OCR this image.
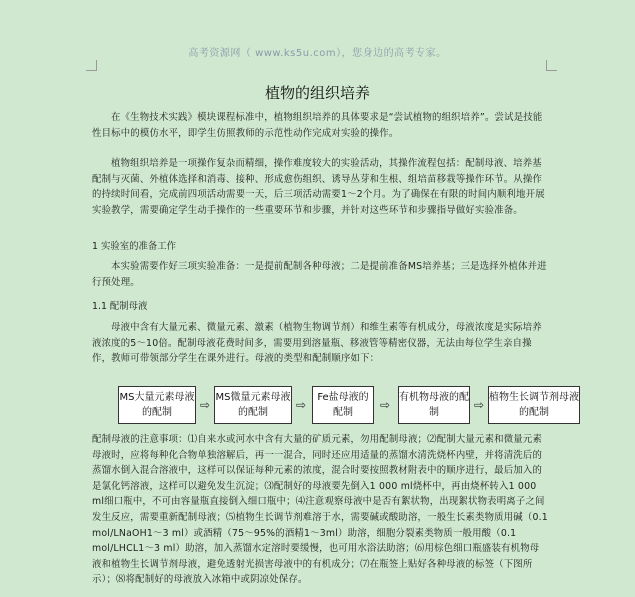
高考资源网（ www.ks5u.com），您身边的高考专家。
植物的组织培养

在《生物技术实践》模块课程标准中，植物组织培养的具体要求是“尝试植物的组织培养”。尝试是技能性目标中的模仿水平，即学生仿照教师的示范性动作完成对实验的操作。

植物组织培养是一项操作复杂而精细，操作难度较大的实验活动，其操作流程包括：配制母液、培养基配制与灭菌、外植体选择和消毒、接种、形成愈伤组织、诱导丛芽和生根、组培苗移栽等操作环节。从操作的持续时间看，完成前四项活动需要一天，后三项活动需要1～2个月。为了确保在有限的时间内顺利地开展实验教学，需要确定学生动手操作的一些重要环节和步骤，并针对这些环节和步骤指导做好实验准备。

1 实验室的准备工作

本实验需要作好三项实验准备：一是提前配制各种母液；二是提前准备MS培养基；三是选择外植体并进行预处理。

1.1 配制母液

母液中含有大量元素、微量元素、激素（植物生物调节剂）和维生素等有机成分，母液浓度是实际培养液浓度的5～10倍。配制母液花费时间多，需要用到溶量瓶、移液管等精密仪器，无法由每位学生亲自操作，教师可带领部分学生在课外进行。母液的类型和配制顺序如下：

MS大量元素母液的配制
⇨
MS微量元素母液的配制
⇨
Fe盐母液的配制
⇨
有机物母液的配制
⇨
植物生长调节剂母液的配制

配制母液的注意事项：⑴自来水或河水中含有大量的矿质元素，勿用配制母液；⑵配制大量元素和微量元素母液时，应将每种化合物单独溶解后，再一一混合，同时还应用适量的蒸馏水清洗烧杯内壁，并将清洗后的蒸馏水倒入混合溶液中，这样可以保证每种元素的浓度，混合时要按照教材附表中的顺序进行，最后加入的是氯化钙溶液，这样可以避免发生沉淀；⑶配制好的母液要先倒入1 000 ml烧杯中，再由烧杯转入1 000 ml细口瓶中，不可由容量瓶直接倒入细口瓶中；⑷注意观察母液中是否有絮状物，出现絮状物表明离子之间发生反应，需要重新配制母液；⑸植物生长调节剂难溶于水，需要碱或酸助溶，一般生长素类物质用碱（0.1 mol/LNaOH1～3 ml）或酒精（75～95%的酒精1～3ml）助溶，细胞分裂素类物质一般用酸（0.1 mol/LHCL1～3 ml）助溶，加入蒸馏水定溶时要缓慢，也可用水浴法助溶；⑹用棕色细口瓶盛装有机物母液和植物生长调节剂母液，避免透射光损害母液中的有机成分；⑺在瓶签上贴好各种母液的标签（下图所示）；⑻将配制好的母液放入冰箱中或阴凉处保存。
